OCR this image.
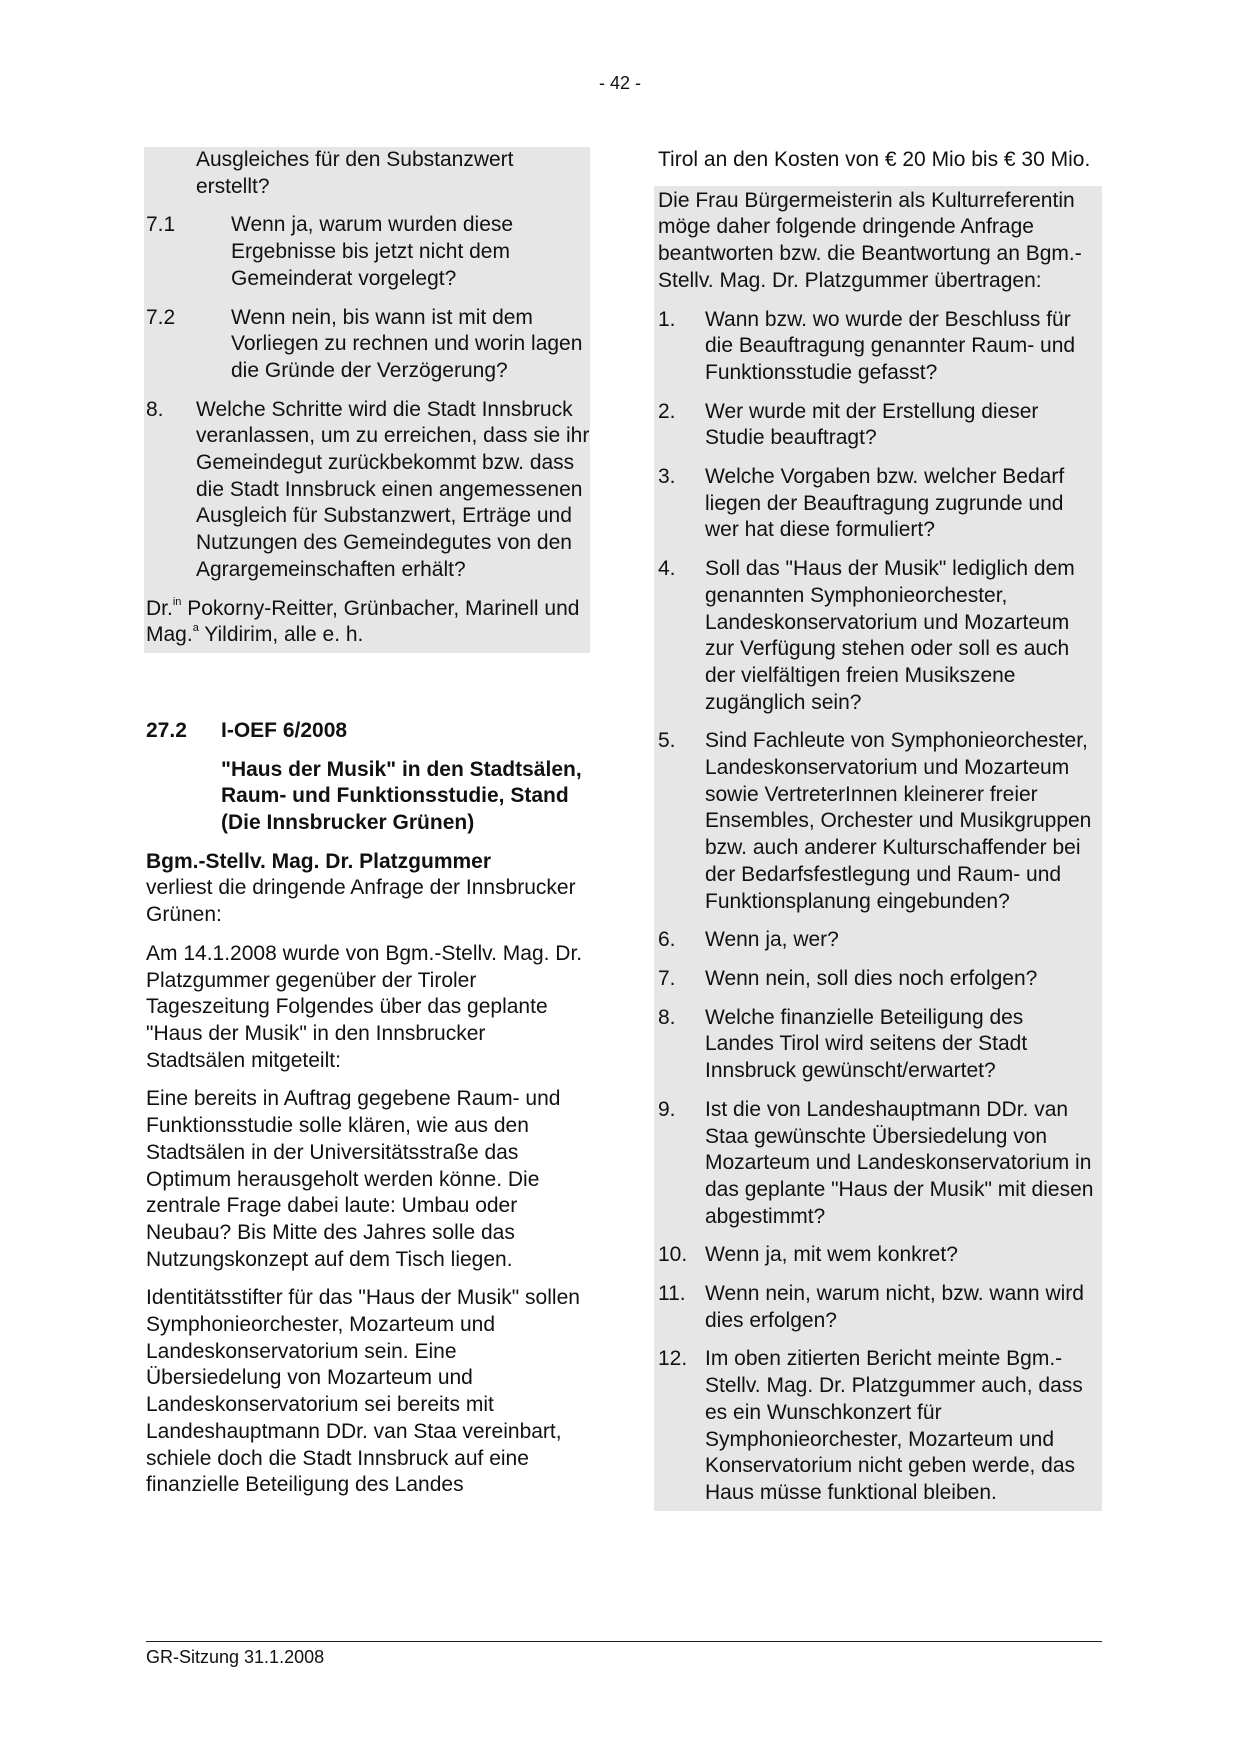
- 42 -

Ausgleiches für den Substanzwert erstellt?

7.1	Wenn ja, warum wurden diese Ergebnisse bis jetzt nicht dem Gemeinderat vorgelegt?
7.2	Wenn nein, bis wann ist mit dem Vorliegen zu rechnen und worin lagen die Gründe der Verzögerung?
8.	Welche Schritte wird die Stadt Innsbruck veranlassen, um zu erreichen, dass sie ihr Gemeindegut zurückbekommt bzw. dass die Stadt Innsbruck einen angemessenen Ausgleich für Substanzwert, Erträge und Nutzungen des Gemeindegutes von den Agrargemeinschaften erhält?

Dr.$^{in}$ Pokorny-Reitter, Grünbacher, Marinell und Mag.$^a$ Yildirim, alle e. h.

27.2	I-OEF 6/2008

"Haus der Musik" in den Stadtsälen, Raum- und Funktionsstudie, Stand (Die Innsbrucker Grünen)

Bgm.-Stellv. Mag. Dr. Platzgummer
verliest die dringende Anfrage der Innsbrucker Grünen:

Am 14.1.2008 wurde von Bgm.-Stellv. Mag. Dr. Platzgummer gegenüber der Tiroler Tageszeitung Folgendes über das geplante "Haus der Musik" in den Innsbrucker Stadtsälen mitgeteilt:

Eine bereits in Auftrag gegebene Raum- und Funktionsstudie solle klären, wie aus den Stadtsälen in der Universitätsstraße das Optimum herausgeholt werden könne. Die zentrale Frage dabei laute: Umbau oder Neubau? Bis Mitte des Jahres solle das Nutzungskonzept auf dem Tisch liegen.

Identitätsstifter für das "Haus der Musik" sollen Symphonieorchester, Mozarteum und Landeskonservatorium sein. Eine Übersiedelung von Mozarteum und Landeskonservatorium sei bereits mit Landeshauptmann DDr. van Staa vereinbart, schiele doch die Stadt Innsbruck auf eine finanzielle Beteiligung des Landes

Tirol an den Kosten von € 20 Mio bis € 30 Mio.

Die Frau Bürgermeisterin als Kulturreferentin möge daher folgende dringende Anfrage beantworten bzw. die Beantwortung an Bgm.-Stellv. Mag. Dr. Platzgummer übertragen:

1.	Wann bzw. wo wurde der Beschluss für die Beauftragung genannter Raum- und Funktionsstudie gefasst?
2.	Wer wurde mit der Erstellung dieser Studie beauftragt?
3.	Welche Vorgaben bzw. welcher Bedarf liegen der Beauftragung zugrunde und wer hat diese formuliert?
4.	Soll das "Haus der Musik" lediglich dem genannten Symphonieorchester, Landeskonservatorium und Mozarteum zur Verfügung stehen oder soll es auch der vielfältigen freien Musikszene zugänglich sein?
5.	Sind Fachleute von Symphonieorchester, Landeskonservatorium und Mozarteum sowie VertreterInnen kleinerer freier Ensembles, Orchester und Musikgruppen bzw. auch anderer Kulturschaffender bei der Bedarfsfestlegung und Raum- und Funktionsplanung eingebunden?
6.	Wenn ja, wer?
7.	Wenn nein, soll dies noch erfolgen?
8.	Welche finanzielle Beteiligung des Landes Tirol wird seitens der Stadt Innsbruck gewünscht/erwartet?
9.	Ist die von Landeshauptmann DDr. van Staa gewünschte Übersiedelung von Mozarteum und Landeskonservatorium in das geplante "Haus der Musik" mit diesen abgestimmt?
10. Wenn ja, mit wem konkret?
11. Wenn nein, warum nicht, bzw. wann wird dies erfolgen?
12. Im oben zitierten Bericht meinte Bgm.-Stellv. Mag. Dr. Platzgummer auch, dass es ein Wunschkonzert für Symphonieorchester, Mozarteum und Konservatorium nicht geben werde, das Haus müsse funktional bleiben.
GR-Sitzung 31.1.2008
